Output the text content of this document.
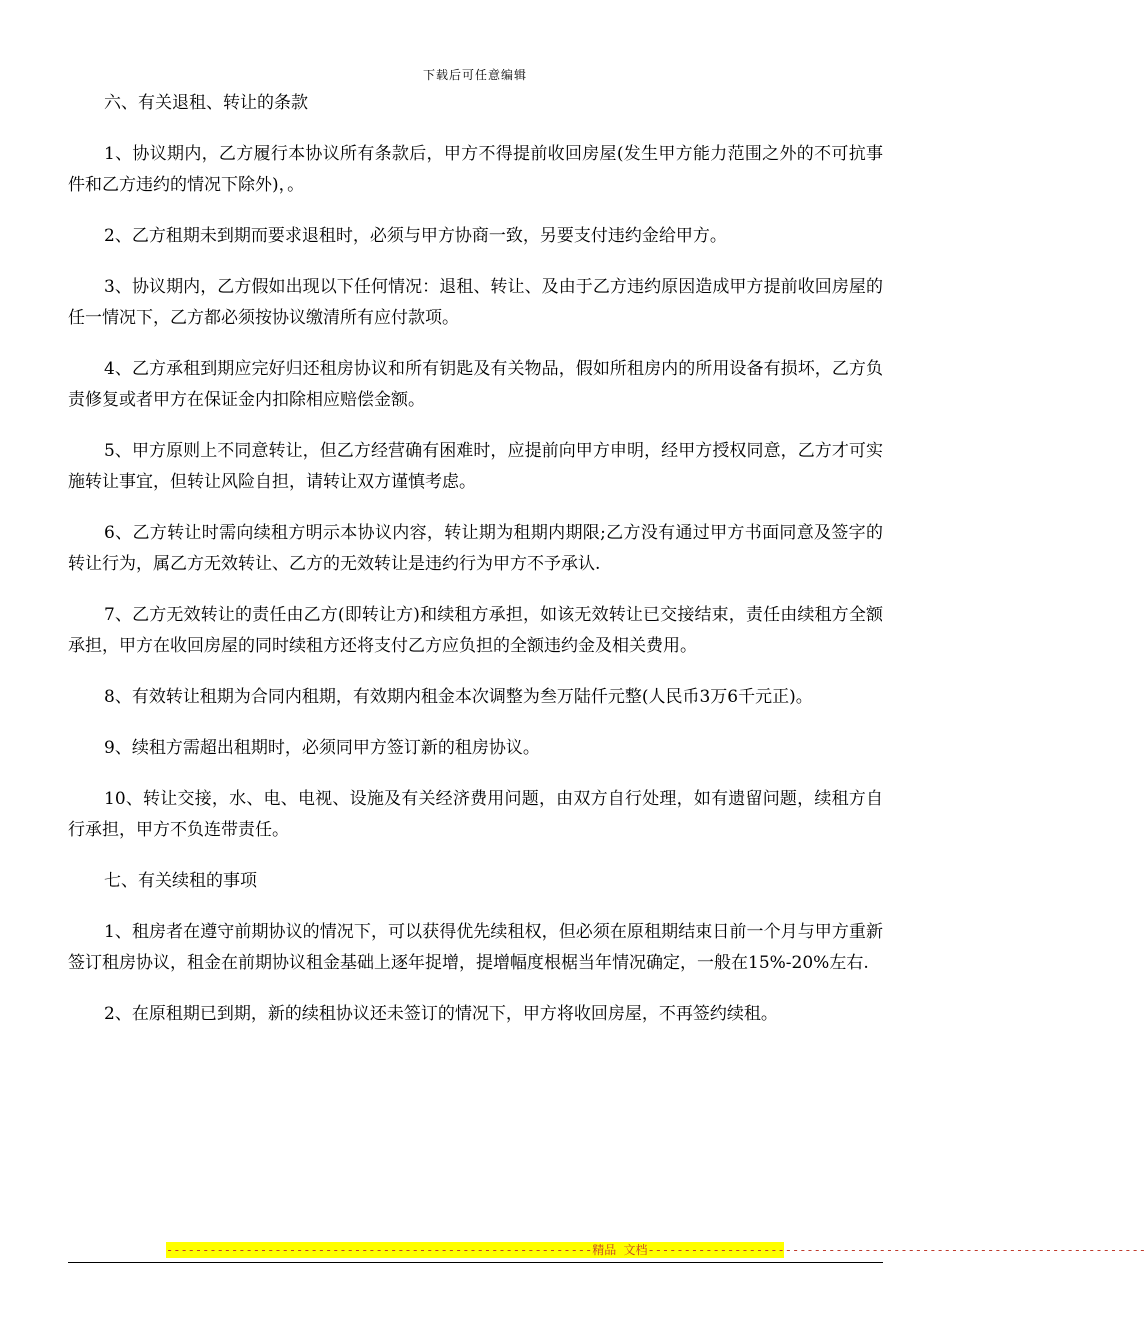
下载后可任意编辑

六、有关退租、转让的条款

1、协议期内，乙方履行本协议所有条款后，甲方不得提前收回房屋(发生甲方能力范围之外的不可抗事件和乙方违约的情况下除外)，。

2、乙方租期未到期而要求退租时，必须与甲方协商一致，另要支付违约金给甲方。

3、协议期内，乙方假如出现以下任何情况：退租、转让、及由于乙方违约原因造成甲方提前收回房屋的任一情况下，乙方都必须按协议缴清所有应付款项。

4、乙方承租到期应完好归还租房协议和所有钥匙及有关物品，假如所租房内的所用设备有损坏，乙方负责修复或者甲方在保证金内扣除相应赔偿金额。

5、甲方原则上不同意转让，但乙方经营确有困难时，应提前向甲方申明，经甲方授权同意，乙方才可实施转让事宜，但转让风险自担，请转让双方谨慎考虑。

6、乙方转让时需向续租方明示本协议内容，转让期为租期内期限;乙方没有通过甲方书面同意及签字的转让行为，属乙方无效转让、乙方的无效转让是违约行为甲方不予承认.

7、乙方无效转让的责任由乙方(即转让方)和续租方承担，如该无效转让已交接结束，责任由续租方全额承担，甲方在收回房屋的同时续租方还将支付乙方应负担的全额违约金及相关费用。

8、有效转让租期为合同内租期，有效期内租金本次调整为叁万陆仟元整(人民币3万6千元正)。

9、续租方需超出租期时，必须同甲方签订新的租房协议。

10、转让交接，水、电、电视、设施及有关经济费用问题，由双方自行处理，如有遗留问题，续租方自行承担，甲方不负连带责任。

七、有关续租的事项

1、租房者在遵守前期协议的情况下，可以获得优先续租权，但必须在原租期结束日前一个月与甲方重新签订租房协议，租金在前期协议租金基础上逐年捉增，提增幅度根椐当年情况确定，一般在15%-20%左右.

2、在原租期已到期，新的续租协议还未签订的情况下，甲方将收回房屋，不再签约续租。

-----------------------------------------------------------精品 文档---------------------------------------------------------------------
